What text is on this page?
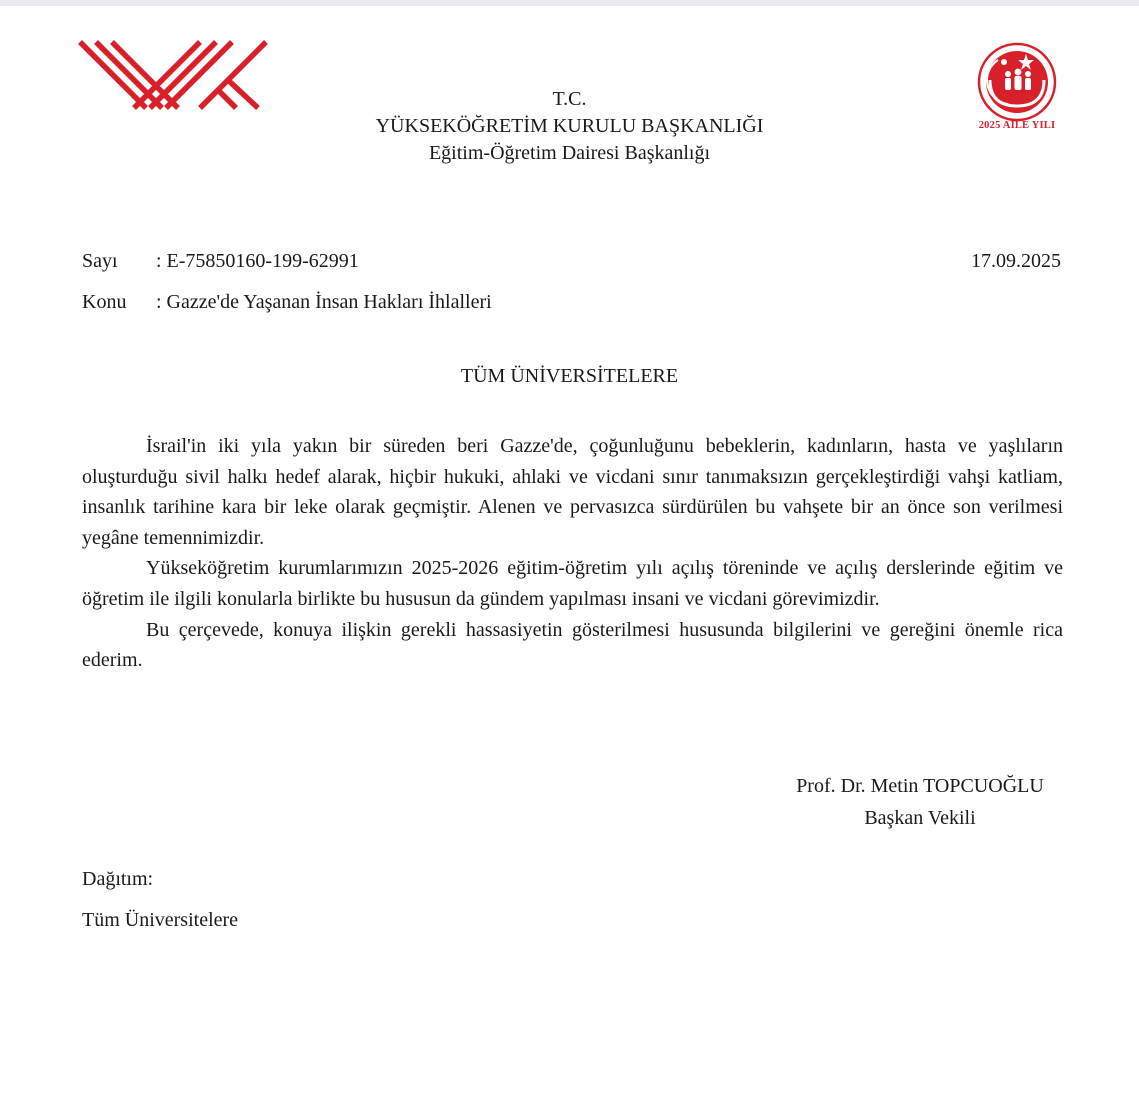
2025 AİLE YILI
T.C.
YÜKSEKÖĞRETİM KURULU BAŞKANLIĞI
Eğitim-Öğretim Dairesi Başkanlığı
Sayı : E-75850160-199-62991	17.09.2025
Konu : Gazze'de Yaşanan İnsan Hakları İhlalleri
TÜM ÜNİVERSİTELERE

İsrail'in iki yıla yakın bir süreden beri Gazze'de, çoğunluğunu bebeklerin, kadınların, hasta ve yaşlıların oluşturduğu sivil halkı hedef alarak, hiçbir hukuki, ahlaki ve vicdani sınır tanımaksızın gerçekleştirdiği vahşi katliam, insanlık tarihine kara bir leke olarak geçmiştir. Alenen ve pervasızca sürdürülen bu vahşete bir an önce son verilmesi yegâne temennimizdir.

Yükseköğretim kurumlarımızın 2025-2026 eğitim-öğretim yılı açılış töreninde ve açılış derslerinde eğitim ve öğretim ile ilgili konularla birlikte bu hususun da gündem yapılması insani ve vicdani görevimizdir.

Bu çerçevede, konuya ilişkin gerekli hassasiyetin gösterilmesi hususunda bilgilerini ve gereğini önemle rica ederim.

Prof. Dr. Metin TOPCUOĞLU
Başkan Vekili
Dağıtım:
Tüm Üniversitelere
